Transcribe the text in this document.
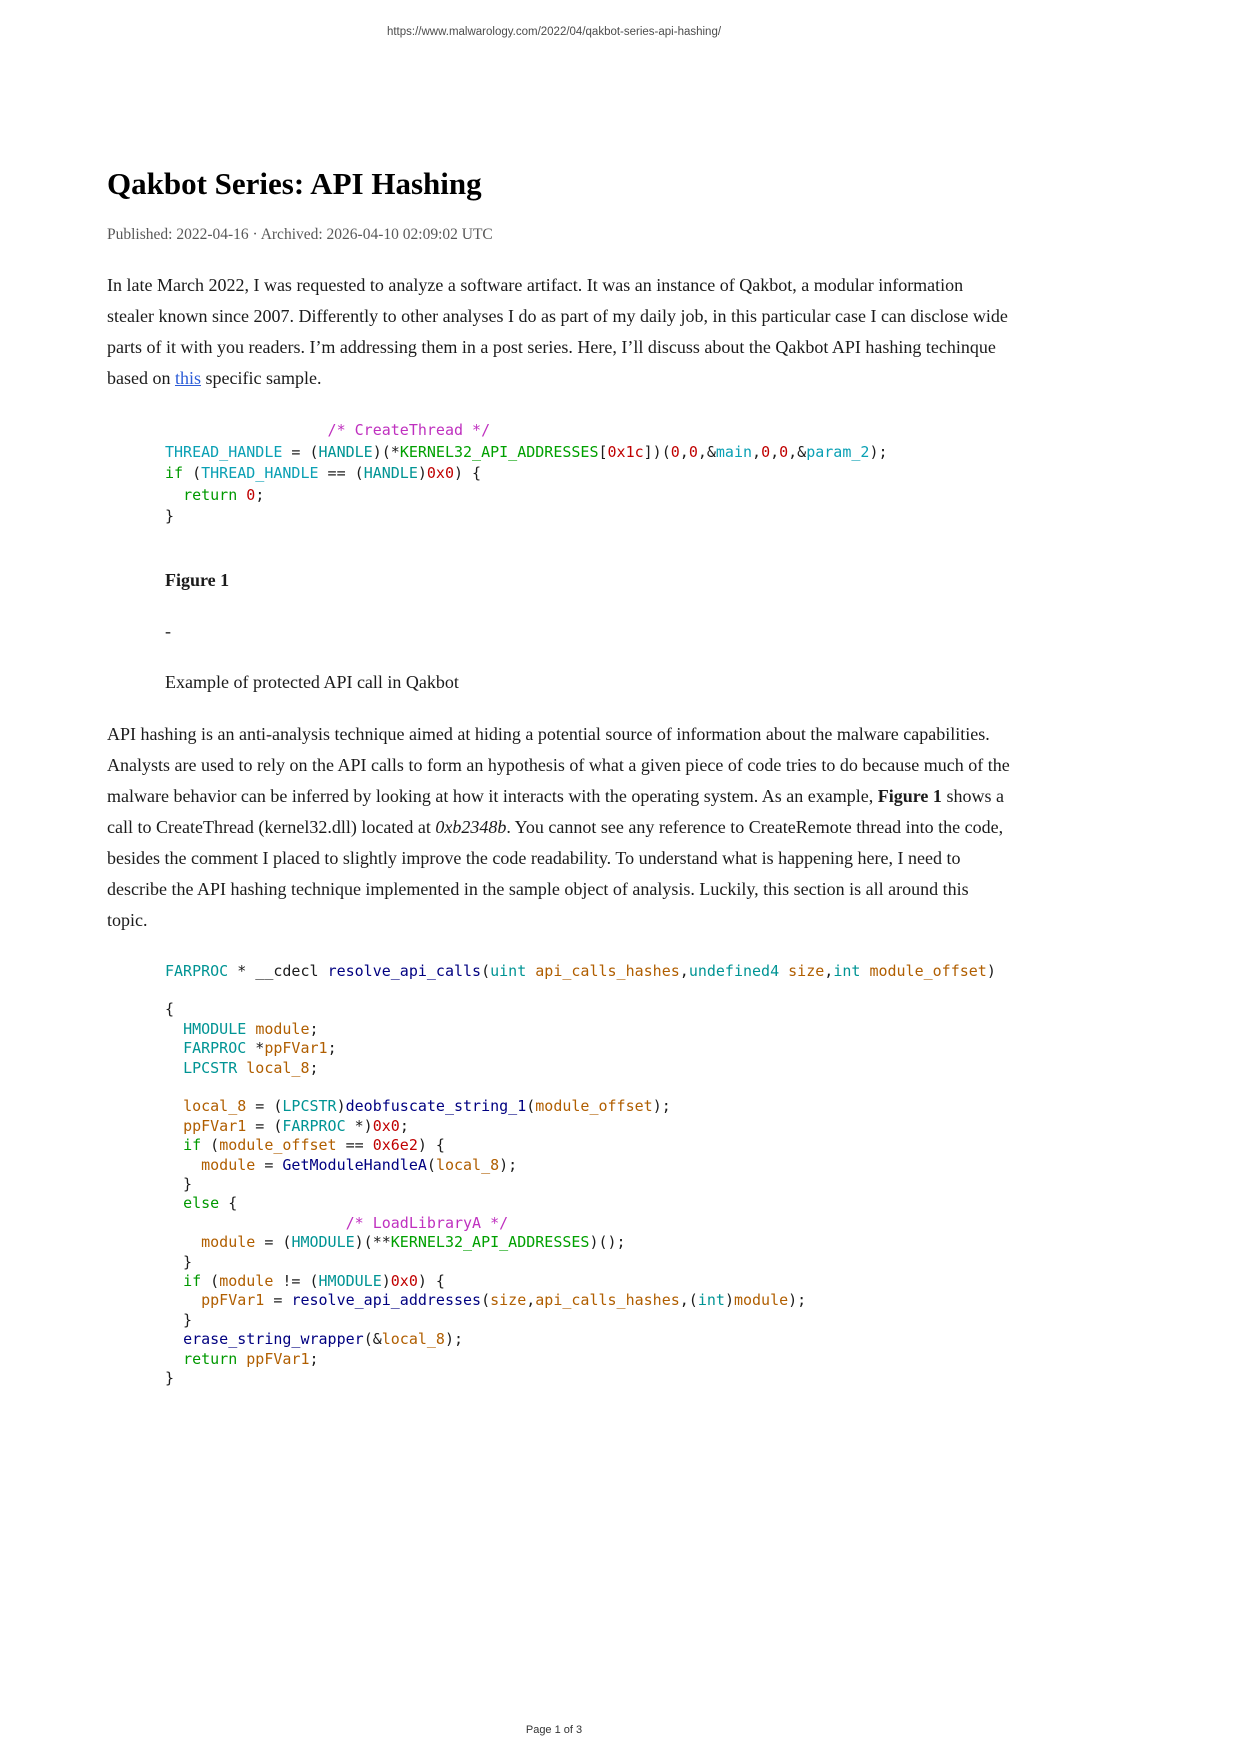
https://www.malwarology.com/2022/04/qakbot-series-api-hashing/
Qakbot Series: API Hashing
Published: 2022-04-16 · Archived: 2026-04-10 02:09:02 UTC

In late March 2022, I was requested to analyze a software artifact. It was an instance of Qakbot, a modular information stealer known since 2007. Differently to other analyses I do as part of my daily job, in this particular case I can disclose wide parts of it with you readers. I’m addressing them in a post series. Here, I’ll discuss about the Qakbot API hashing techinque based on this specific sample.

/* CreateThread */
THREAD_HANDLE = (HANDLE)(*KERNEL32_API_ADDRESSES[0x1c])(0,0,&main,0,0,&param_2);
if (THREAD_HANDLE == (HANDLE)0x0) {
return 0;
}
Figure 1
-
Example of protected API call in Qakbot

API hashing is an anti-analysis technique aimed at hiding a potential source of information about the malware capabilities. Analysts are used to rely on the API calls to form an hypothesis of what a given piece of code tries to do because much of the malware behavior can be inferred by looking at how it interacts with the operating system. As an example, Figure 1 shows a call to CreateThread (kernel32.dll) located at 0xb2348b. You cannot see any reference to CreateRemote thread into the code, besides the comment I placed to slightly improve the code readability. To understand what is happening here, I need to describe the API hashing technique implemented in the sample object of analysis. Luckily, this section is all around this topic.

FARPROC * __cdecl resolve_api_calls(uint api_calls_hashes,undefined4 size,int module_offset)

{
HMODULE module;
FARPROC *ppFVar1;
LPCSTR local_8;

local_8 = (LPCSTR)deobfuscate_string_1(module_offset);
ppFVar1 = (FARPROC *)0x0;
if (module_offset == 0x6e2) {
module = GetModuleHandleA(local_8);
}
else {
/* LoadLibraryA */
module = (HMODULE)(**KERNEL32_API_ADDRESSES)();
}
if (module != (HMODULE)0x0) {
ppFVar1 = resolve_api_addresses(size,api_calls_hashes,(int)module);
}
erase_string_wrapper(&local_8);
return ppFVar1;
}
Page 1 of 3
